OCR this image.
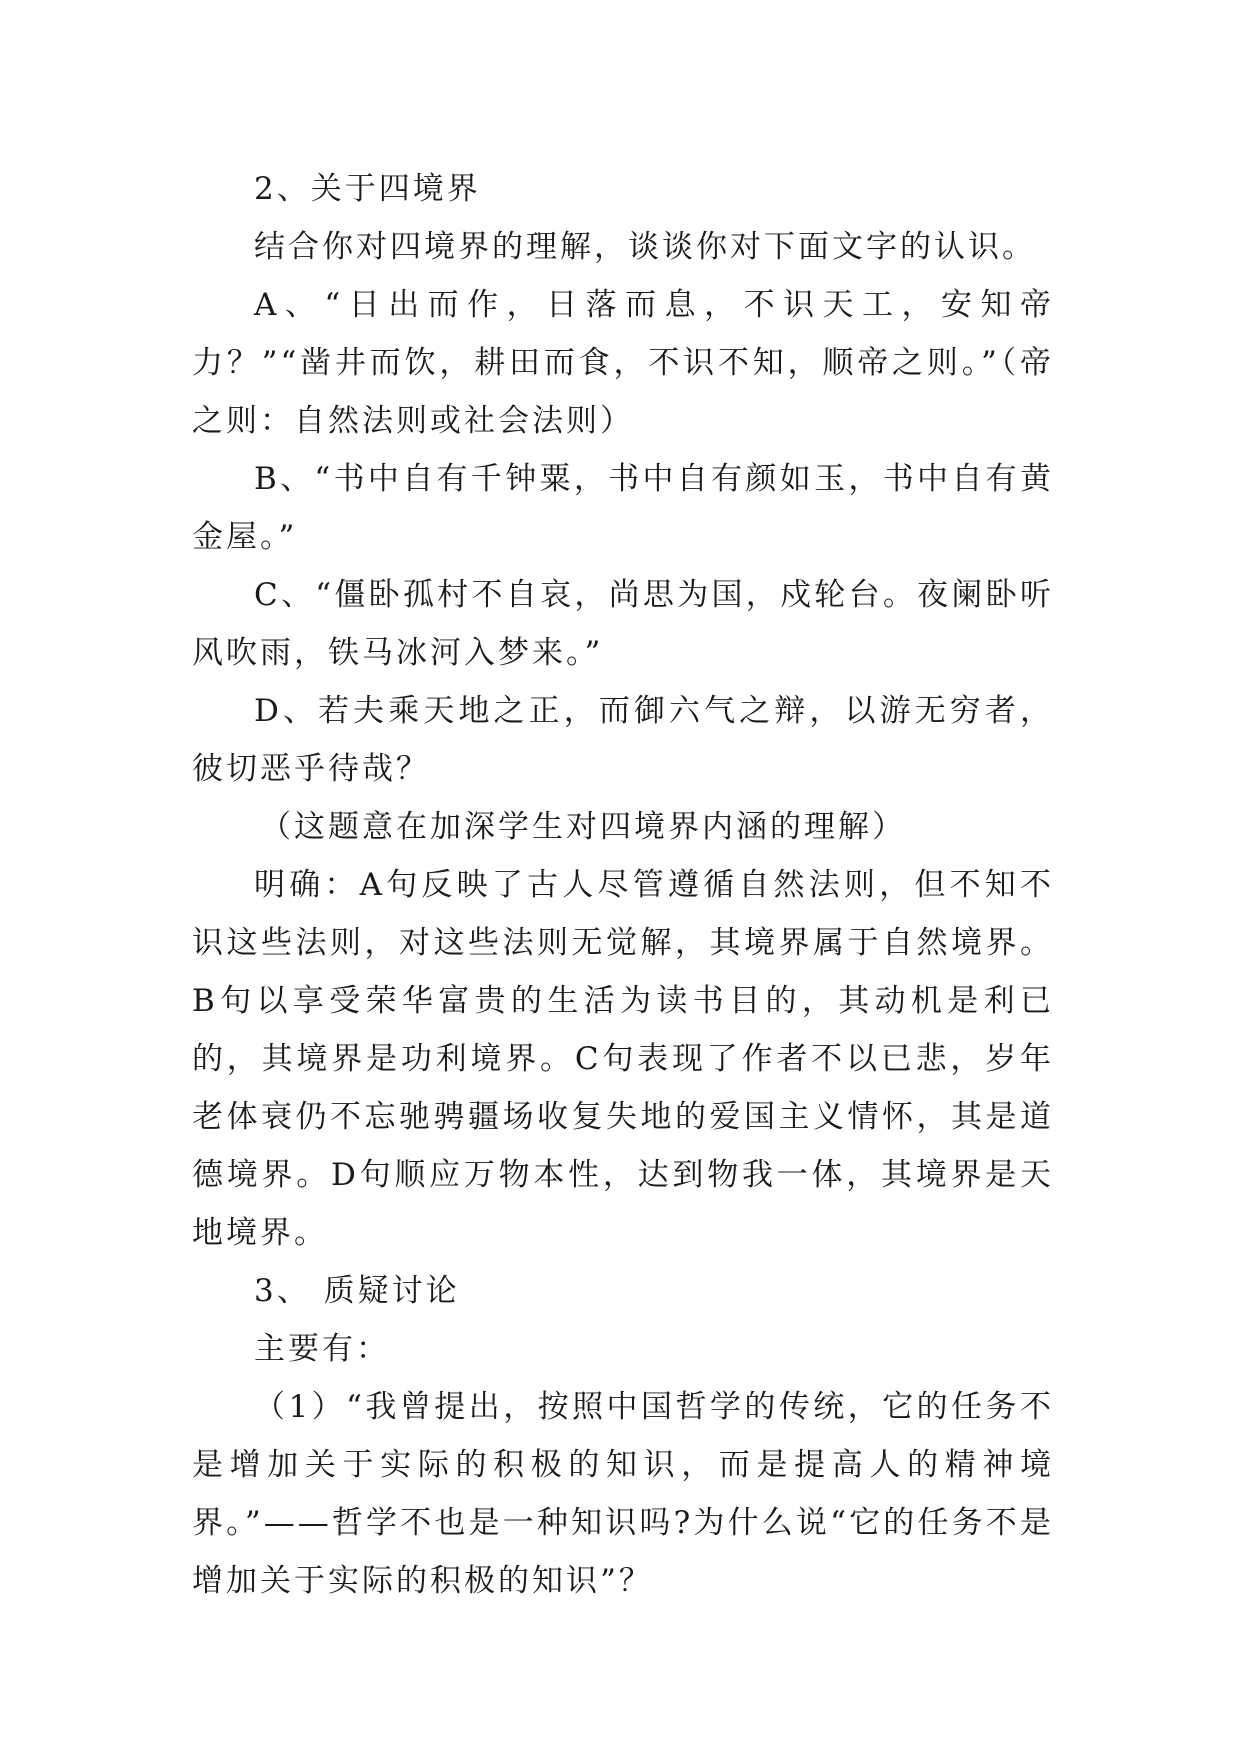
2、关于四境界

结合你对四境界的理解，谈谈你对下面文字的认识。

A、“日出而作，日落而息，不识天工，安知帝力？”“凿井而饮，耕田而食，不识不知，顺帝之则。”（帝之则：自然法则或社会法则）

B、“书中自有千钟粟，书中自有颜如玉，书中自有黄金屋。”

C、“僵卧孤村不自哀，尚思为国，戍轮台。夜阑卧听风吹雨，铁马冰河入梦来。”

D、若夫乘天地之正，而御六气之辩，以游无穷者，彼切恶乎待哉？

（这题意在加深学生对四境界内涵的理解）

明确：A句反映了古人尽管遵循自然法则，但不知不识这些法则，对这些法则无觉解，其境界属于自然境界。B句以享受荣华富贵的生活为读书目的，其动机是利已的，其境界是功利境界。C句表现了作者不以已悲，岁年老体衰仍不忘驰骋疆场收复失地的爱国主义情怀，其是道德境界。D句顺应万物本性，达到物我一体，其境界是天地境界。

3、 质疑讨论

主要有：

（1）“我曾提出，按照中国哲学的传统，它的任务不是增加关于实际的积极的知识，而是提高人的精神境界。”——哲学不也是一种知识吗?为什么说“它的任务不是增加关于实际的积极的知识”？
